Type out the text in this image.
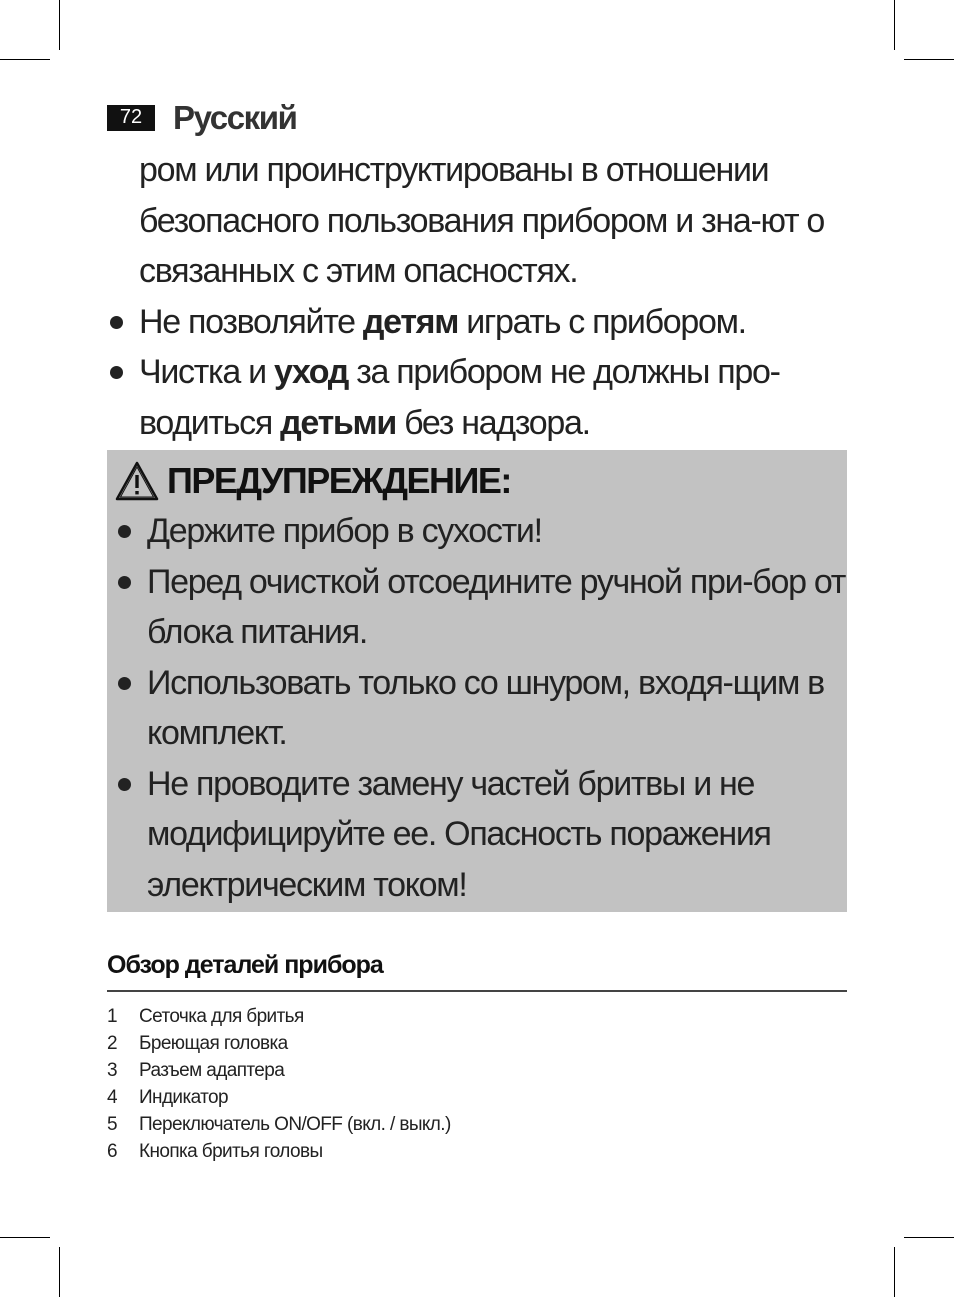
72 Русский
ром или проинструктированы в отношении безопасного пользования прибором и зна-ют о связанных с этим опасностях.
Не позволяйте детям играть с прибором.
Чистка и уход за прибором не должны про-водиться детьми без надзора.
ПРЕДУПРЕЖДЕНИЕ:
Держите прибор в сухости!
Перед очисткой отсоедините ручной при-бор от блока питания.
Использовать только со шнуром, входя-щим в комплект.
Не проводите замену частей бритвы и не модифицируйте ее. Опасность поражения электрическим током!
Обзор деталей прибора
1	Сеточка для бритья
2	Бреющая головка
3	Разъем адаптера
4	Индикатор
5	Переключатель ON/OFF (вкл. / выкл.)
6	Кнопка бритья головы
